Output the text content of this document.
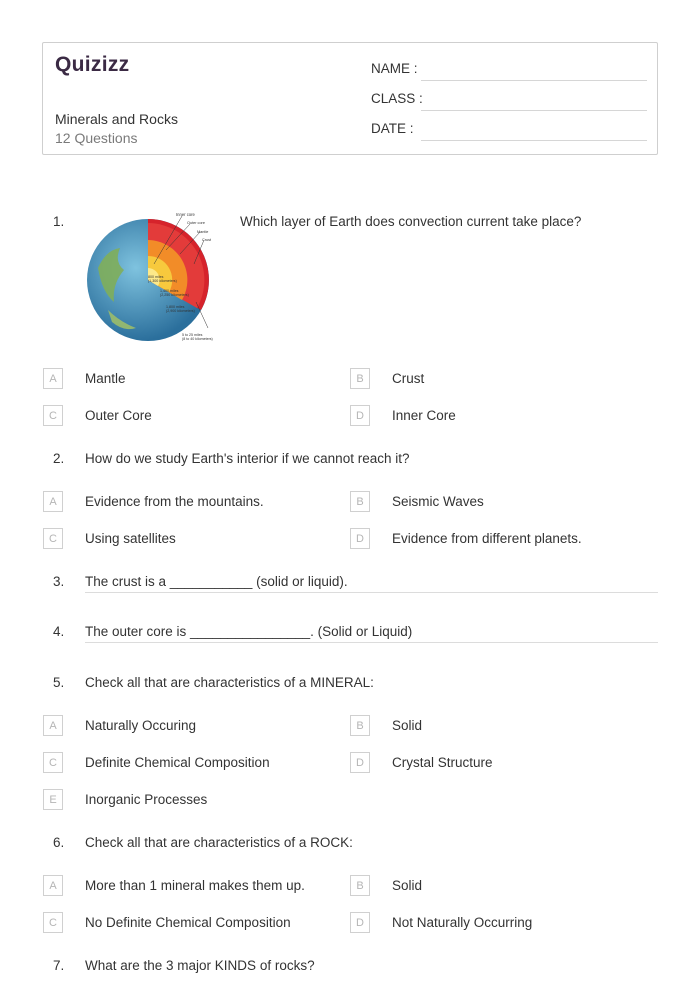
Quizizz
Minerals and Rocks
12 Questions
NAME :
CLASS :
DATE :
1.	Which layer of Earth does convection current take place?
Inner core
Outer core
Mantle
Crust
800 miles
(1,300 kilometers)
1,400 miles
(2,250 kilometers)
1,800 miles
(2,900 kilometers)
5 to 25 miles
(8 to 40 kilometers)
A	Mantle	B	Crust
C	Outer Core	D	Inner Core
2. How do we study Earth's interior if we cannot reach it?
A	Evidence from the mountains.	B	Seismic Waves
C	Using satellites	D	Evidence from different planets.
3. The crust is a ___________ (solid or liquid).
4. The outer core is ________________. (Solid or Liquid)
5. Check all that are characteristics of a MINERAL:
A	Naturally Occuring	B	Solid
C	Definite Chemical Composition	D	Crystal Structure
E	Inorganic Processes
6. Check all that are characteristics of a ROCK:
A	More than 1 mineral makes them up.	B	Solid
C	No Definite Chemical Composition	D	Not Naturally Occurring
7. What are the 3 major KINDS of rocks?
